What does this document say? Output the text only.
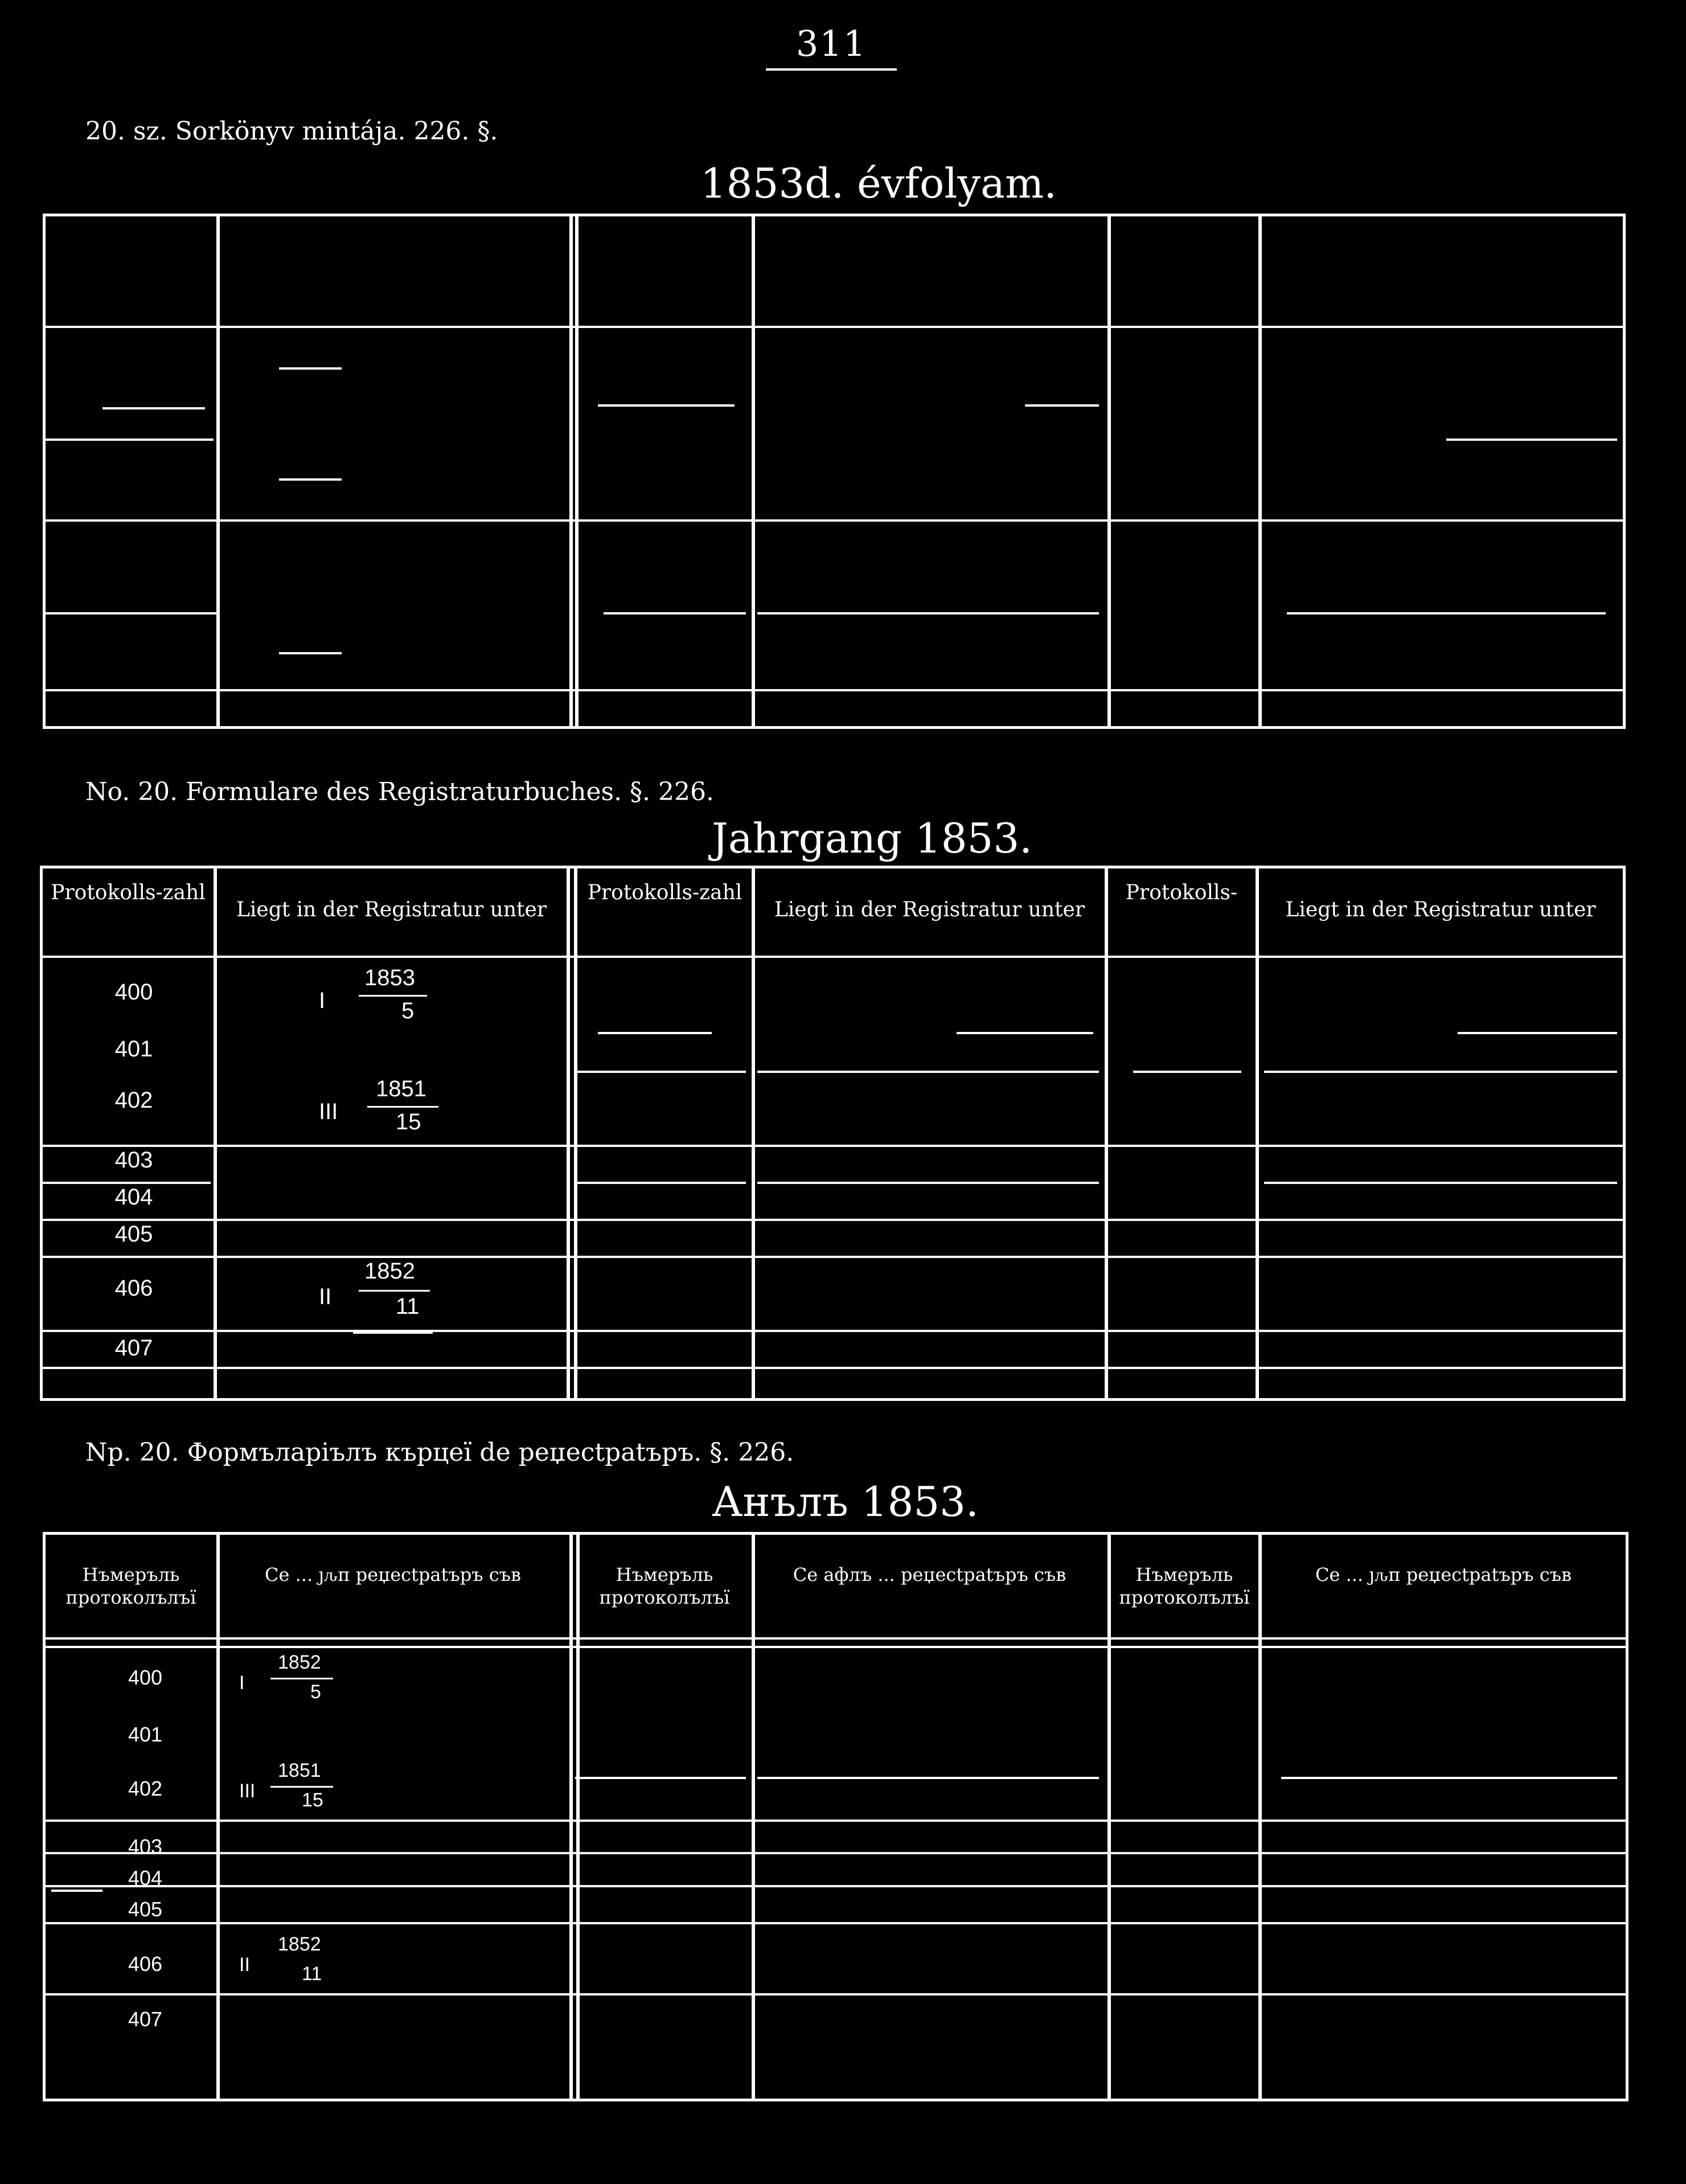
311
20. sz. Sorkönyv mintája. 226. §.
1853d. évfolyam.
No. 20. Formulare des Registraturbuches. §. 226.
Jahrgang 1853.
Protokolls-zahl
Liegt in der Registratur unter
Protokolls-zahl
Liegt in der Registratur unter
Protokolls-
Liegt in der Registratur unter
400
401
402
403
404
405
406
407
I
1853
5
III
1851
15
II
1852
11
Nр. 20. Формъларіълъ кърцеї de реџесtраtъръ. §. 226.
Анълъ 1853.
Нъмеръль протоколълъї
Се ... ȷԉп реџесtраtъръ съв	Нъмеръль протоколълъї
Се афлъ ... реџесtраtъръ съв	Нъмеръль протоколълъї
Се ... ȷԉп реџесtраtъръ съв
400
401
402
403
404
405
406
407
I
1852
5
III
1851
15
II
1852
11
